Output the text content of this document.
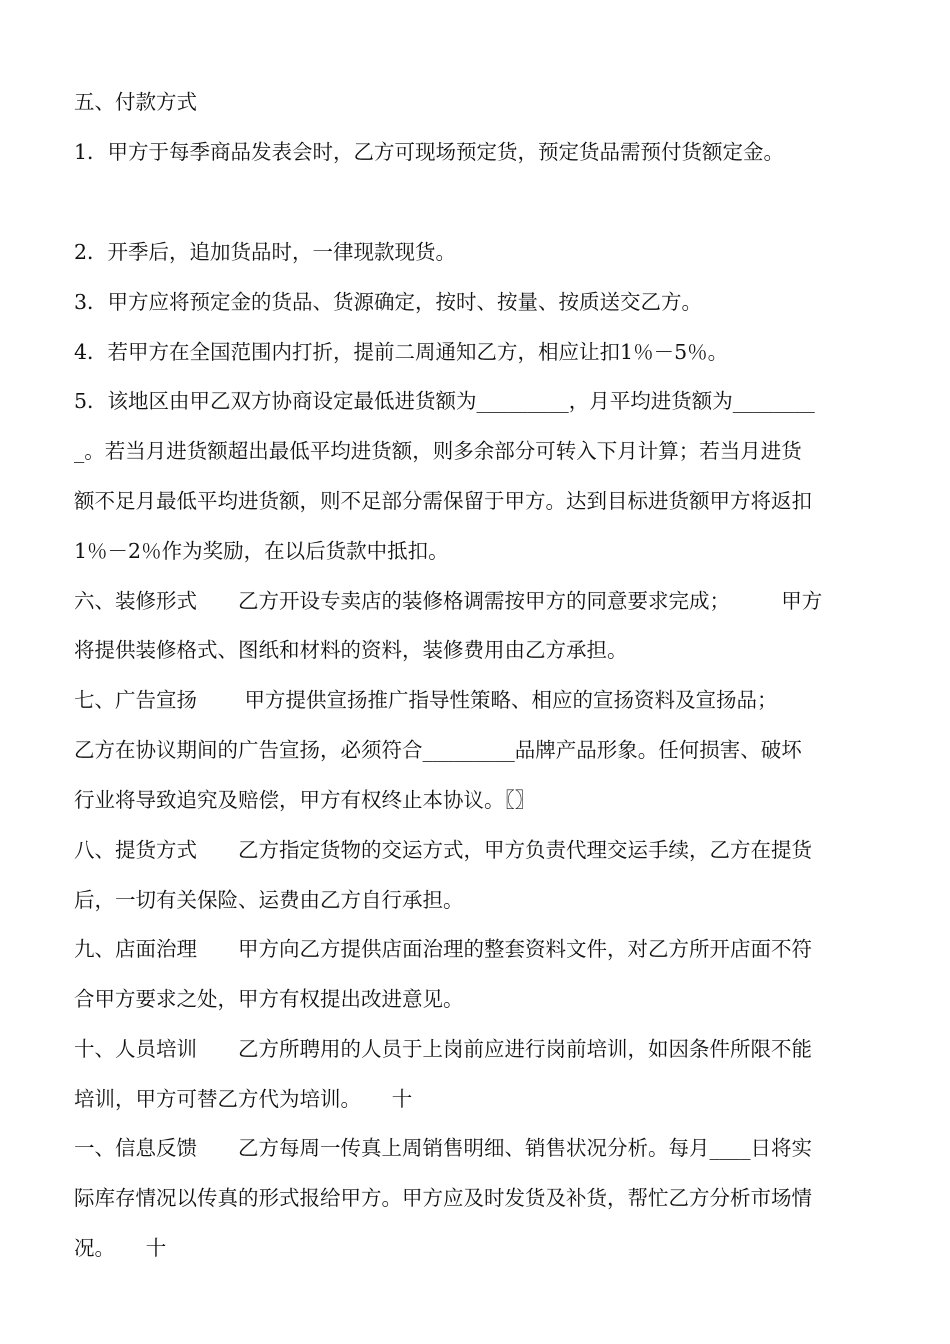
五、付款方式
1．甲方于每季商品发表会时，乙方可现场预定货，预定货品需预付货额定金。
2．开季后，追加货品时，一律现款现货。
3．甲方应将预定金的货品、货源确定，按时、按量、按质送交乙方。
4．若甲方在全国范围内打折，提前二周通知乙方，相应让扣1％－5％。
5．该地区由甲乙双方协商设定最低进货额为_________，月平均进货额为________
_。若当月进货额超出最低平均进货额，则多余部分可转入下月计算；若当月进货
额不足月最低平均进货额，则不足部分需保留于甲方。达到目标进货额甲方将返扣
1％－2％作为奖励，在以后货款中抵扣。
六、装修形式　　乙方开设专卖店的装修格调需按甲方的同意要求完成；　　　甲方
将提供装修格式、图纸和材料的资料，装修费用由乙方承担。
七、广告宣扬　　 甲方提供宣扬推广指导性策略、相应的宣扬资料及宣扬品；
乙方在协议期间的广告宣扬，必须符合_________品牌产品形象。任何损害、破坏
行业将导致追究及赔偿，甲方有权终止本协议。〖〗
八、提货方式　　乙方指定货物的交运方式，甲方负责代理交运手续，乙方在提货
后，一切有关保险、运费由乙方自行承担。
九、店面治理　　甲方向乙方提供店面治理的整套资料文件，对乙方所开店面不符
合甲方要求之处，甲方有权提出改进意见。
十、人员培训　　乙方所聘用的人员于上岗前应进行岗前培训，如因条件所限不能
培训，甲方可替乙方代为培训。　　十
一、信息反馈　　乙方每周一传真上周销售明细、销售状况分析。每月____日将实
际库存情况以传真的形式报给甲方。甲方应及时发货及补货，帮忙乙方分析市场情
况。　　十
